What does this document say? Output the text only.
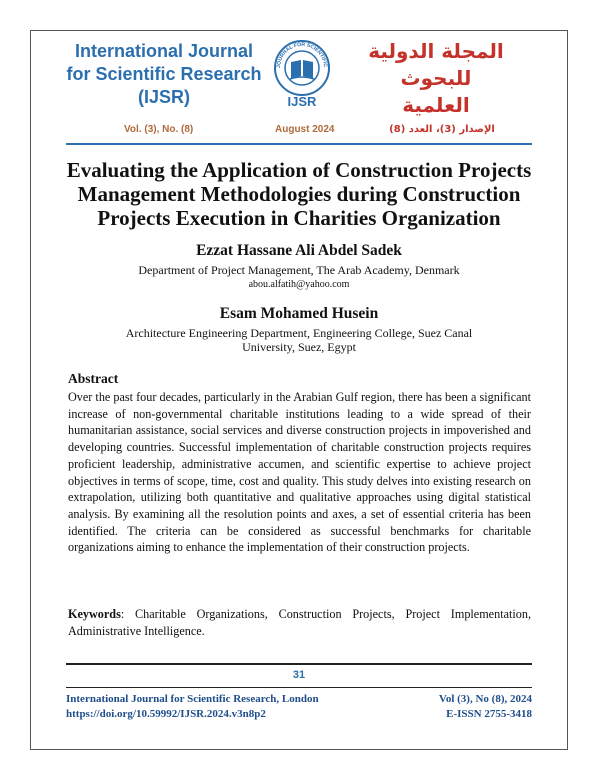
International Journal
for Scientific Research
(IJSR)
JOURNAL FOR SCIENTIFIC
IJSR
المجلة الدولية للبحوث
العلمية
Vol. (3), No. (8)	August 2024	الإصدار (3)، العدد (8)
Evaluating the Application of Construction Projects
Management Methodologies during Construction
Projects Execution in Charities Organization
Ezzat Hassane Ali Abdel Sadek
Department of Project Management, The Arab Academy, Denmark
abou.alfatih@yahoo.com
Esam Mohamed Husein
Architecture Engineering Department, Engineering College, Suez Canal
University, Suez, Egypt
Abstract
Over the past four decades, particularly in the Arabian Gulf region, there has been a significant increase of non-governmental charitable institutions leading to a wide spread of their humanitarian assistance, social services and diverse construction projects in impoverished and developing countries. Successful implementation of charitable construction projects requires proficient leadership, administrative accumen, and scientific expertise to achieve project objectives in terms of scope, time, cost and quality. This study delves into existing research on extrapolation, utilizing both quantitative and qualitative approaches using digital statistical analysis. By examining all the resolution points and axes, a set of essential criteria has been identified. The criteria can be considered as successful benchmarks for charitable organizations aiming to enhance the implementation of their construction projects.
Keywords: Charitable Organizations, Construction Projects, Project Implementation, Administrative Intelligence.
31
International Journal for Scientific Research, London
https://doi.org/10.59992/IJSR.2024.v3n8p2
Vol (3), No (8), 2024
E-ISSN 2755-3418
